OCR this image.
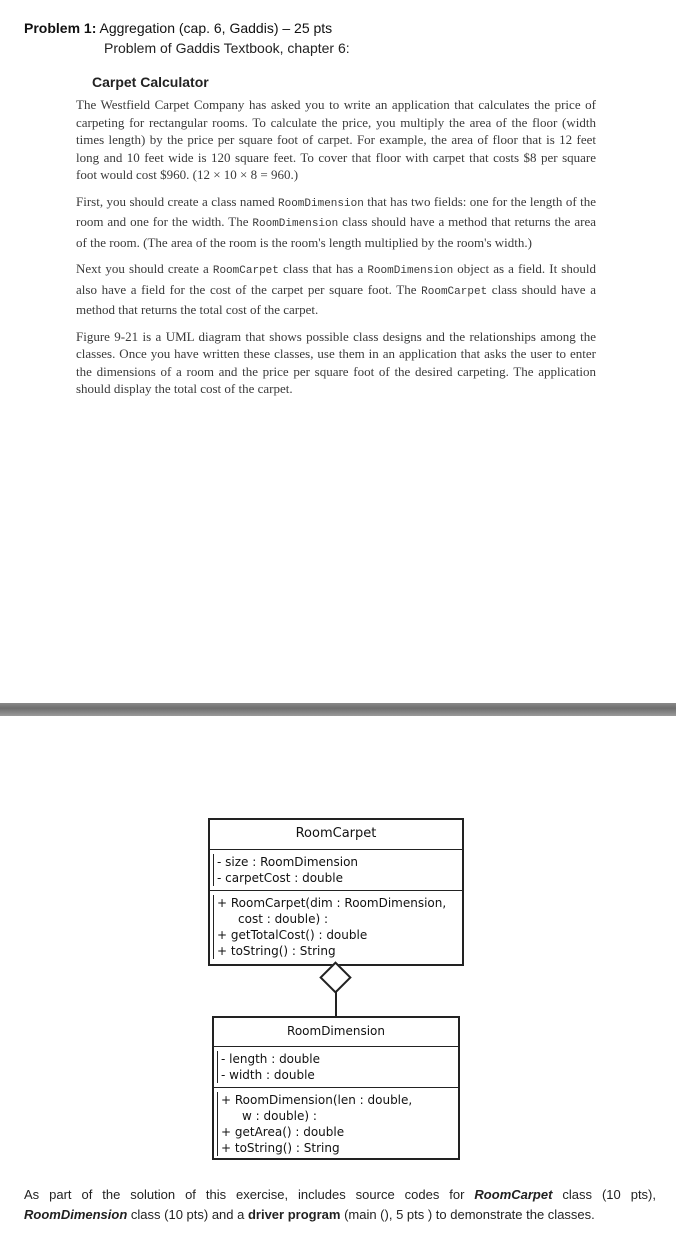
Problem 1: Aggregation (cap. 6, Gaddis) – 25 pts
Problem of Gaddis Textbook, chapter 6:
Carpet Calculator

The Westfield Carpet Company has asked you to write an application that calculates the price of carpeting for rectangular rooms. To calculate the price, you multiply the area of the floor (width times length) by the price per square foot of carpet. For example, the area of floor that is 12 feet long and 10 feet wide is 120 square feet. To cover that floor with carpet that costs $8 per square foot would cost $960. (12 × 10 × 8 = 960.)

First, you should create a class named RoomDimension that has two fields: one for the length of the room and one for the width. The RoomDimension class should have a method that returns the area of the room. (The area of the room is the room's length multiplied by the room's width.)

Next you should create a RoomCarpet class that has a RoomDimension object as a field. It should also have a field for the cost of the carpet per square foot. The RoomCarpet class should have a method that returns the total cost of the carpet.

Figure 9-21 is a UML diagram that shows possible class designs and the relationships among the classes. Once you have written these classes, use them in an application that asks the user to enter the dimensions of a room and the price per square foot of the desired carpeting. The application should display the total cost of the carpet.

RoomCarpet
- size : RoomDimension
- carpetCost : double
+ RoomCarpet(dim : RoomDimension,
cost : double) :
+ getTotalCost() : double
+ toString() : String
RoomDimension
- length : double
- width : double
+ RoomDimension(len : double,
w : double) :
+ getArea() : double
+ toString() : String
As part of the solution of this exercise, includes source codes for RoomCarpet class (10 pts), RoomDimension class (10 pts) and a driver program (main (), 5 pts ) to demonstrate the classes.
